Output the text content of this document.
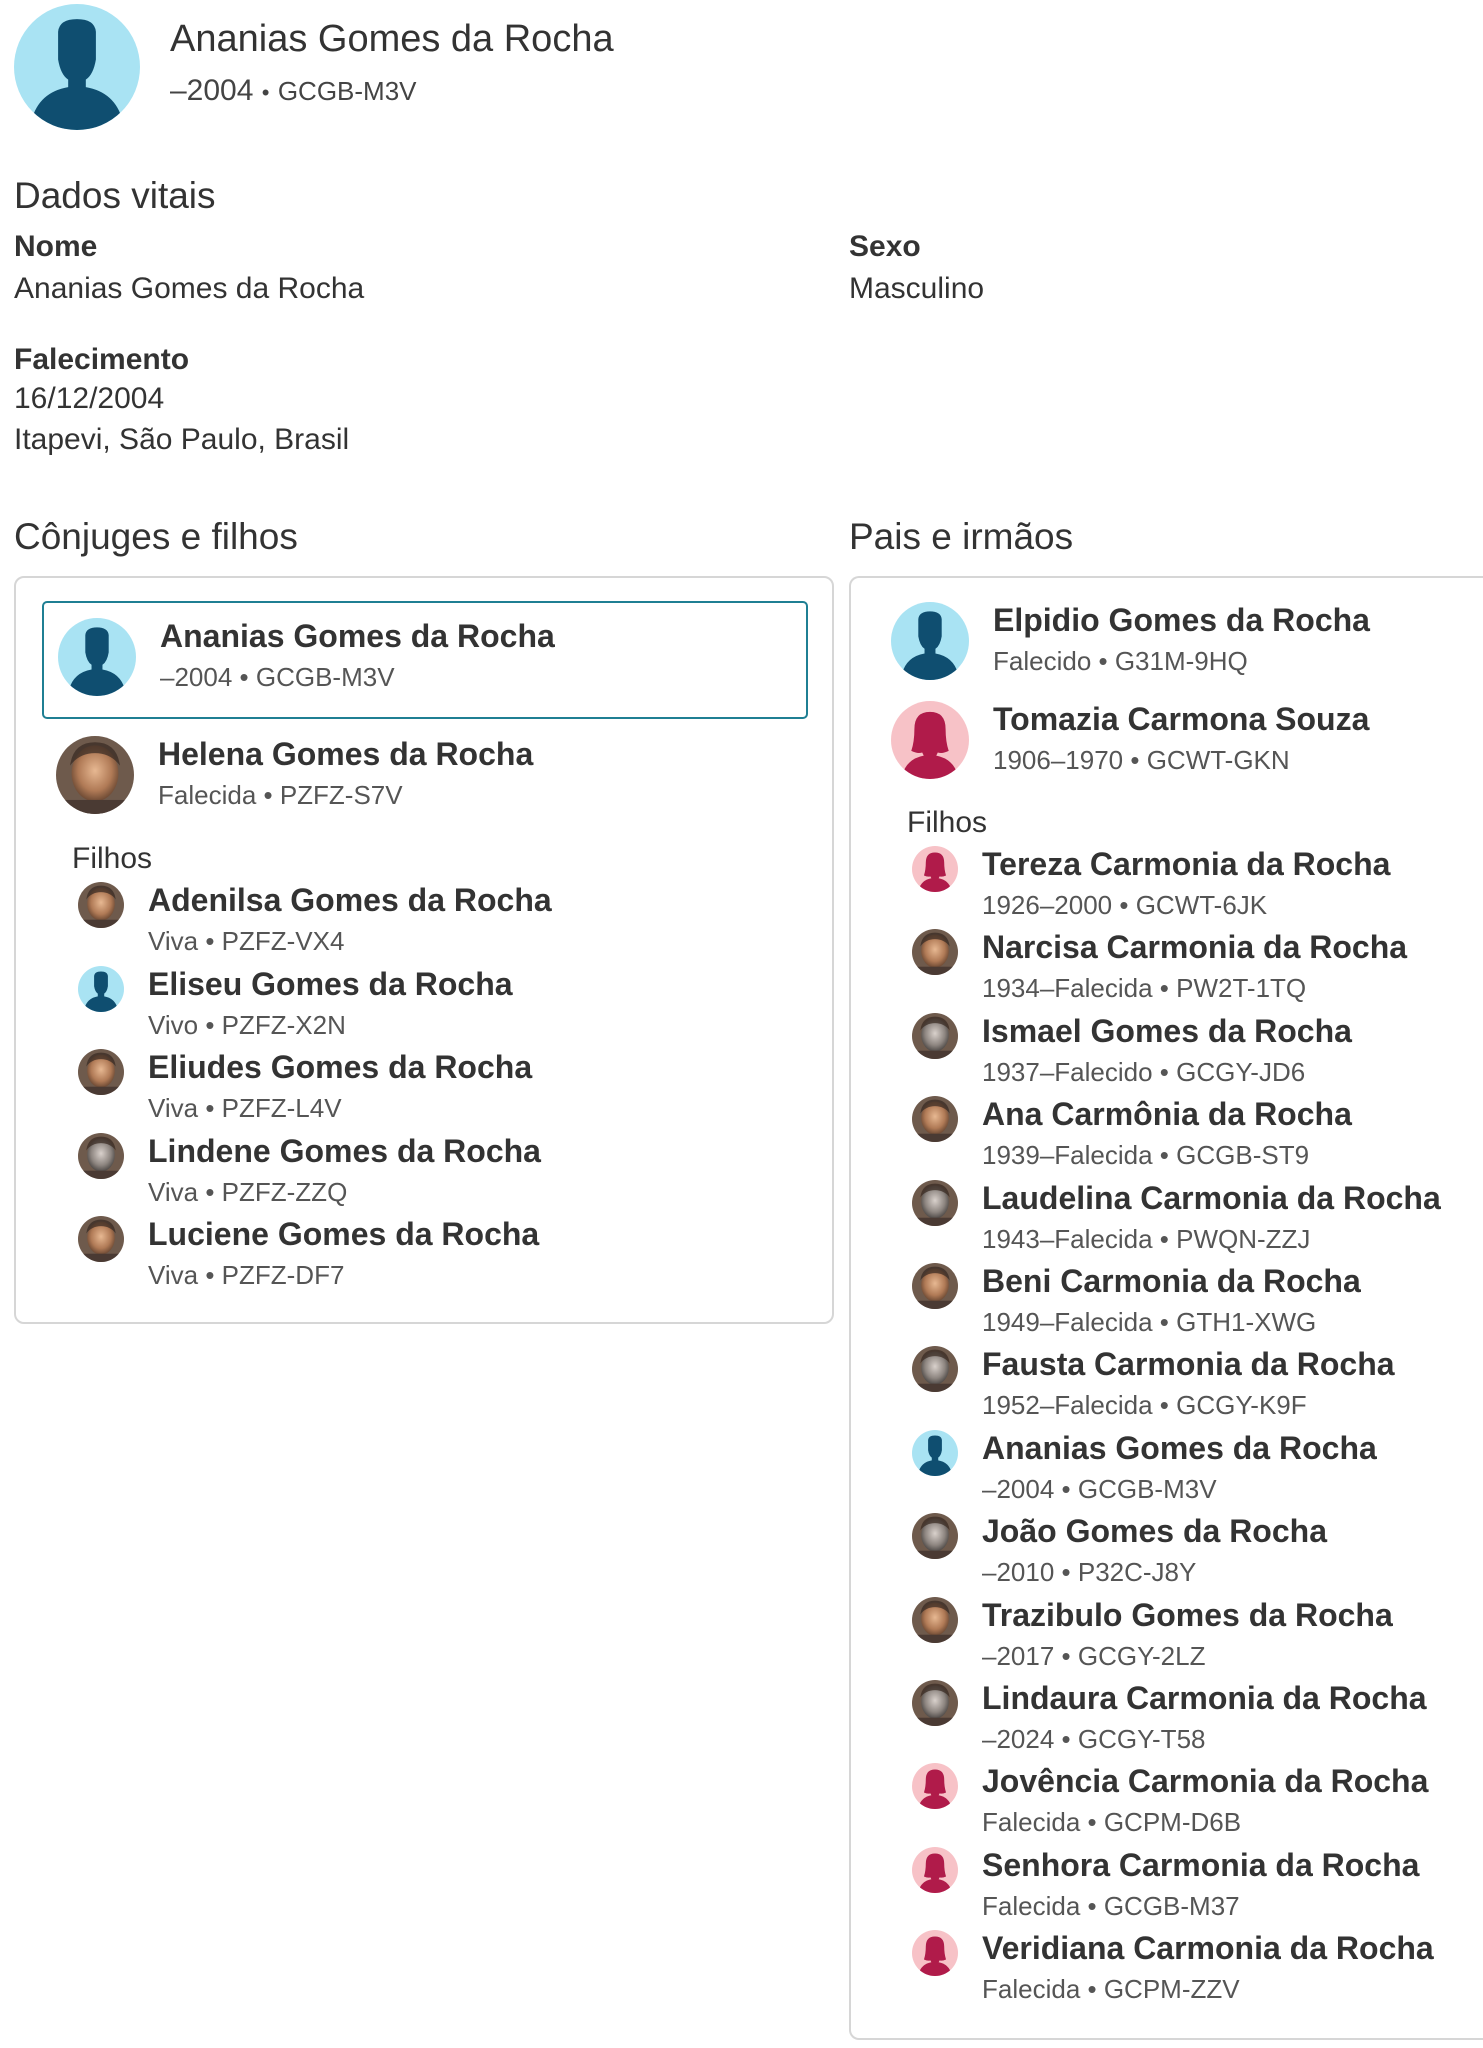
Ananias Gomes da Rocha
–2004 • GCGB-M3V
Dados vitais
Nome
Ananias Gomes da Rocha
Sexo
Masculino
Falecimento
16/12/2004
Itapevi, São Paulo, Brasil
Cônjuges e filhos	Pais e irmãos
Ananias Gomes da Rocha
–2004 • GCGB-M3V
Helena Gomes da Rocha
Falecida • PZFZ-S7V
Filhos
Adenilsa Gomes da Rocha
Viva • PZFZ-VX4
Eliseu Gomes da Rocha
Vivo • PZFZ-X2N
Eliudes Gomes da Rocha
Viva • PZFZ-L4V
Lindene Gomes da Rocha
Viva • PZFZ-ZZQ
Luciene Gomes da Rocha
Viva • PZFZ-DF7
Elpidio Gomes da Rocha
Falecido • G31M-9HQ
Tomazia Carmona Souza
1906–1970 • GCWT-GKN
Filhos
Tereza Carmonia da Rocha
1926–2000 • GCWT-6JK
Narcisa Carmonia da Rocha
1934–Falecida • PW2T-1TQ
Ismael Gomes da Rocha
1937–Falecido • GCGY-JD6
Ana Carmônia da Rocha
1939–Falecida • GCGB-ST9
Laudelina Carmonia da Rocha
1943–Falecida • PWQN-ZZJ
Beni Carmonia da Rocha
1949–Falecida • GTH1-XWG
Fausta Carmonia da Rocha
1952–Falecida • GCGY-K9F
Ananias Gomes da Rocha
–2004 • GCGB-M3V
João Gomes da Rocha
–2010 • P32C-J8Y
Trazibulo Gomes da Rocha
–2017 • GCGY-2LZ
Lindaura Carmonia da Rocha
–2024 • GCGY-T58
Jovência Carmonia da Rocha
Falecida • GCPM-D6B
Senhora Carmonia da Rocha
Falecida • GCGB-M37
Veridiana Carmonia da Rocha
Falecida • GCPM-ZZV
